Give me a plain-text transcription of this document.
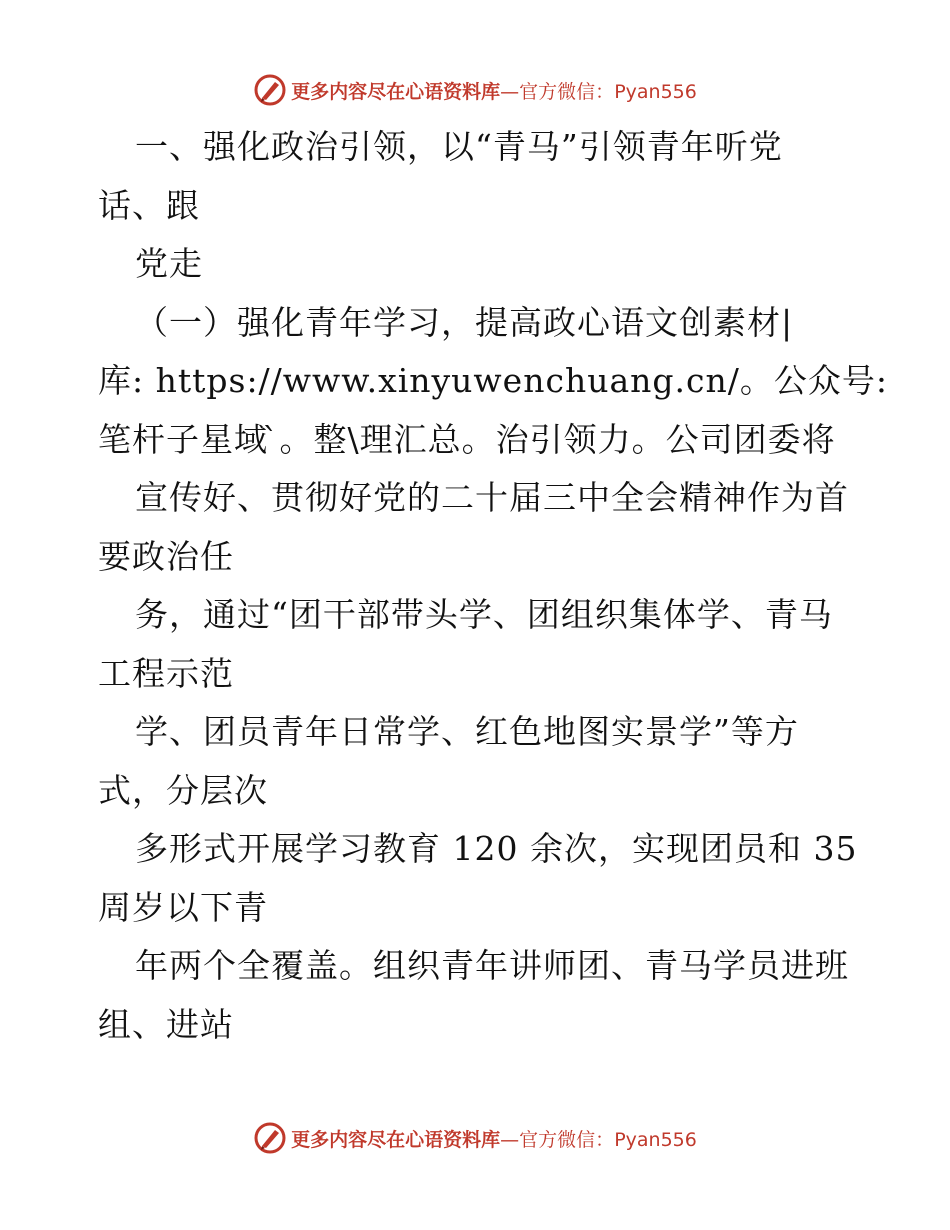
更多内容尽在心语资料库—官方微信：Pyan556
一、强化政治引领，以“青马”引领青年听党
话、跟
党走
（一）强化青年学习，提高政心语文创素材|
库: https://www.xinyuwenchuang.cn/。公众号:
笔杆子星域 ̀。整\理汇总。治引领力。公司团委将
宣传好、贯彻好党的二十届三中全会精神作为首
要政治任
务，通过“团干部带头学、团组织集体学、青马
工程示范
学、团员青年日常学、红色地图实景学”等方
式，分层次
多形式开展学习教育 120 余次，实现团员和 35
周岁以下青
年两个全覆盖。组织青年讲师团、青马学员进班
组、进站
更多内容尽在心语资料库—官方微信：Pyan556
